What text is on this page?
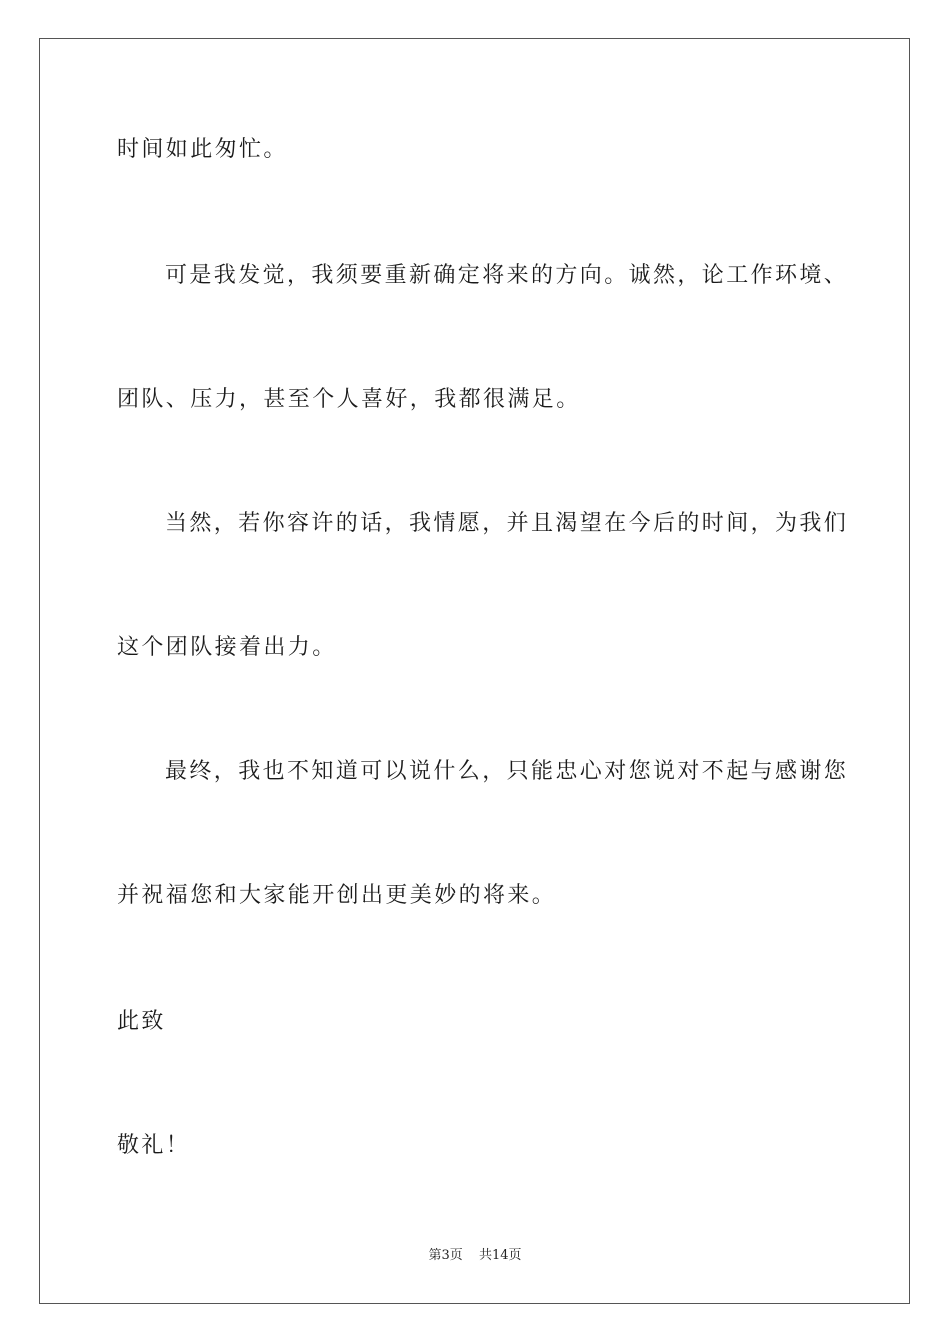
时间如此匆忙。
可是我发觉，我须要重新确定将来的方向。诚然，论工作环境、
团队、压力，甚至个人喜好，我都很满足。
当然，若你容许的话，我情愿，并且渴望在今后的时间，为我们
这个团队接着出力。
最终，我也不知道可以说什么，只能忠心对您说对不起与感谢您
并祝福您和大家能开创出更美妙的将来。
此致
敬礼！
第3页 共14页
